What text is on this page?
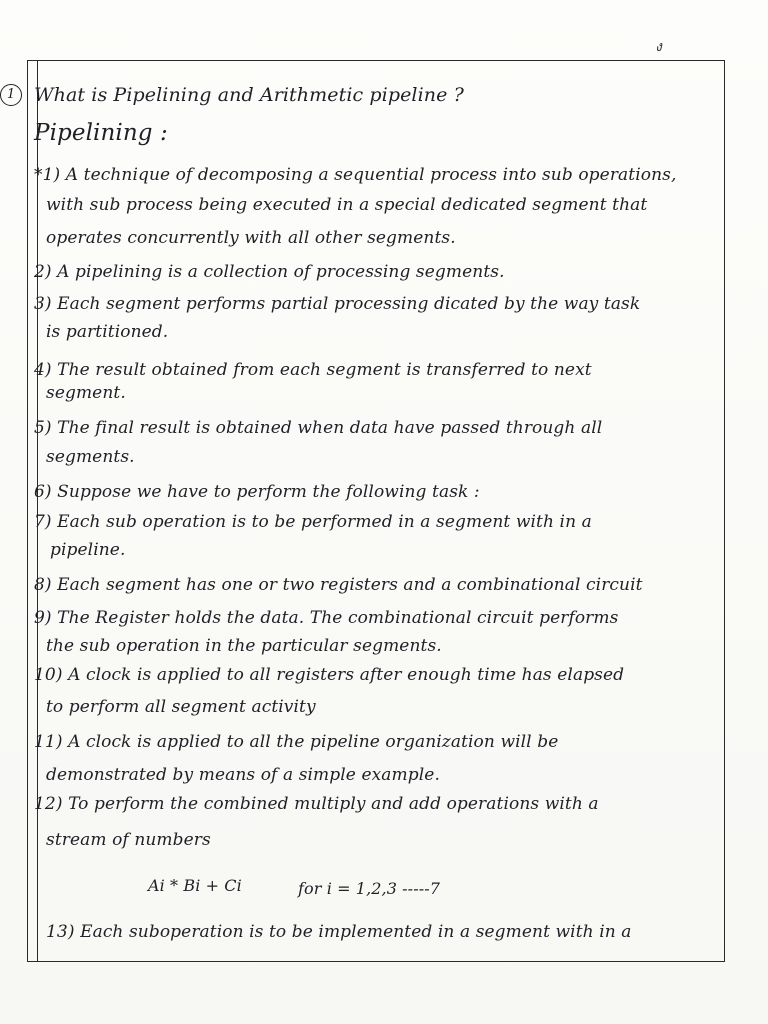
ง
1 What is Pipelining and Arithmetic pipeline ?
Pipelining :
*1) A technique of decomposing a sequential process into sub operations,
with sub process being executed in a special dedicated segment that
operates concurrently with all other segments.
2) A pipelining is a collection of processing segments.
3) Each segment performs partial processing dicated by the way task
is partitioned.
4) The result obtained from each segment is transferred to next
segment.
5) The final result is obtained when data have passed through all
segments.
6) Suppose we have to perform the following task :
7) Each sub operation is to be performed in a segment with in a
pipeline.
8) Each segment has one or two registers and a combinational circuit
9) The Register holds the data. The combinational circuit performs
the sub operation in the particular segments.
10) A clock is applied to all registers after enough time has elapsed
to perform all segment activity
11) A clock is applied to all the pipeline organization will be
demonstrated by means of a simple example.
12) To perform the combined multiply and add operations with a
stream of numbers
Ai * Bi + Ci	for i = 1,2,3 -----7
13) Each suboperation is to be implemented in a segment with in a
